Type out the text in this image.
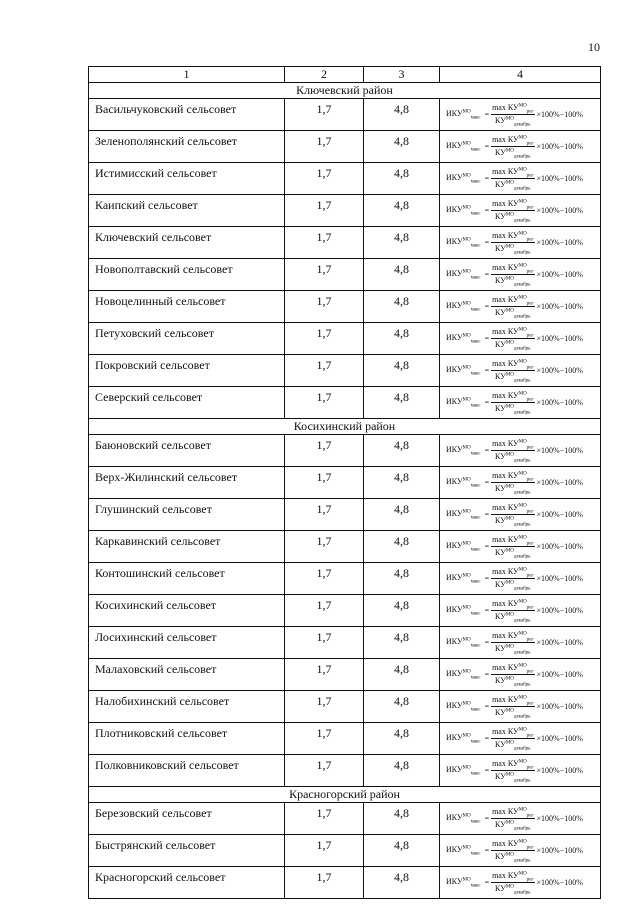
10
1	2	3	4
Ключевский район			
Васильчуковский сельсовет	1,7	4,8	$ИКУ^{МО}_{макс} = \frac{\max КУ^{МО}_{рег}}{КУ^{МО}_{декабрь}} \times 100\%-100\%$

Зеленополянский сельсовет	1,7	4,8	$ИКУ^{МО}_{макс} = \frac{\max КУ^{МО}_{рег}}{КУ^{МО}_{декабрь}} \times 100\%-100\%$

Истимисский сельсовет	1,7	4,8	$ИКУ^{МО}_{макс} = \frac{\max КУ^{МО}_{рег}}{КУ^{МО}_{декабрь}} \times 100\%-100\%$

Каипский сельсовет	1,7	4,8	$ИКУ^{МО}_{макс} = \frac{\max КУ^{МО}_{рег}}{КУ^{МО}_{декабрь}} \times 100\%-100\%$

Ключевский сельсовет	1,7	4,8	$ИКУ^{МО}_{макс} = \frac{\max КУ^{МО}_{рег}}{КУ^{МО}_{декабрь}} \times 100\%-100\%$

Новополтавский сельсовет	1,7	4,8	$ИКУ^{МО}_{макс} = \frac{\max КУ^{МО}_{рег}}{КУ^{МО}_{декабрь}} \times 100\%-100\%$

Новоцелинный сельсовет	1,7	4,8	$ИКУ^{МО}_{макс} = \frac{\max КУ^{МО}_{рег}}{КУ^{МО}_{декабрь}} \times 100\%-100\%$

Петуховский сельсовет	1,7	4,8	$ИКУ^{МО}_{макс} = \frac{\max КУ^{МО}_{рег}}{КУ^{МО}_{декабрь}} \times 100\%-100\%$

Покровский сельсовет	1,7	4,8	$ИКУ^{МО}_{макс} = \frac{\max КУ^{МО}_{рег}}{КУ^{МО}_{декабрь}} \times 100\%-100\%$

Северский сельсовет	1,7	4,8	$ИКУ^{МО}_{макс} = \frac{\max КУ^{МО}_{рег}}{КУ^{МО}_{декабрь}} \times 100\%-100\%$

Косихинский район			
Баюновский сельсовет	1,7	4,8	$ИКУ^{МО}_{макс} = \frac{\max КУ^{МО}_{рег}}{КУ^{МО}_{декабрь}} \times 100\%-100\%$

Верх-Жилинский сельсовет	1,7	4,8	$ИКУ^{МО}_{макс} = \frac{\max КУ^{МО}_{рег}}{КУ^{МО}_{декабрь}} \times 100\%-100\%$

Глушинский сельсовет	1,7	4,8	$ИКУ^{МО}_{макс} = \frac{\max КУ^{МО}_{рег}}{КУ^{МО}_{декабрь}} \times 100\%-100\%$

Каркавинский сельсовет	1,7	4,8	$ИКУ^{МО}_{макс} = \frac{\max КУ^{МО}_{рег}}{КУ^{МО}_{декабрь}} \times 100\%-100\%$

Контошинский сельсовет	1,7	4,8	$ИКУ^{МО}_{макс} = \frac{\max КУ^{МО}_{рег}}{КУ^{МО}_{декабрь}} \times 100\%-100\%$

Косихинский сельсовет	1,7	4,8	$ИКУ^{МО}_{макс} = \frac{\max КУ^{МО}_{рег}}{КУ^{МО}_{декабрь}} \times 100\%-100\%$

Лосихинский сельсовет	1,7	4,8	$ИКУ^{МО}_{макс} = \frac{\max КУ^{МО}_{рег}}{КУ^{МО}_{декабрь}} \times 100\%-100\%$

Малаховский сельсовет	1,7	4,8	$ИКУ^{МО}_{макс} = \frac{\max КУ^{МО}_{рег}}{КУ^{МО}_{декабрь}} \times 100\%-100\%$

Налобихинский сельсовет	1,7	4,8	$ИКУ^{МО}_{макс} = \frac{\max КУ^{МО}_{рег}}{КУ^{МО}_{декабрь}} \times 100\%-100\%$

Плотниковский сельсовет	1,7	4,8	$ИКУ^{МО}_{макс} = \frac{\max КУ^{МО}_{рег}}{КУ^{МО}_{декабрь}} \times 100\%-100\%$

Полковниковский сельсовет	1,7	4,8	$ИКУ^{МО}_{макс} = \frac{\max КУ^{МО}_{рег}}{КУ^{МО}_{декабрь}} \times 100\%-100\%$

Красногорский район			
Березовский сельсовет	1,7	4,8	$ИКУ^{МО}_{макс} = \frac{\max КУ^{МО}_{рег}}{КУ^{МО}_{декабрь}} \times 100\%-100\%$

Быстрянский сельсовет	1,7	4,8	$ИКУ^{МО}_{макс} = \frac{\max КУ^{МО}_{рег}}{КУ^{МО}_{декабрь}} \times 100\%-100\%$

Красногорский сельсовет	1,7	4,8	$ИКУ^{МО}_{макс} = \frac{\max КУ^{МО}_{рег}}{КУ^{МО}_{декабрь}} \times 100\%-100\%$
